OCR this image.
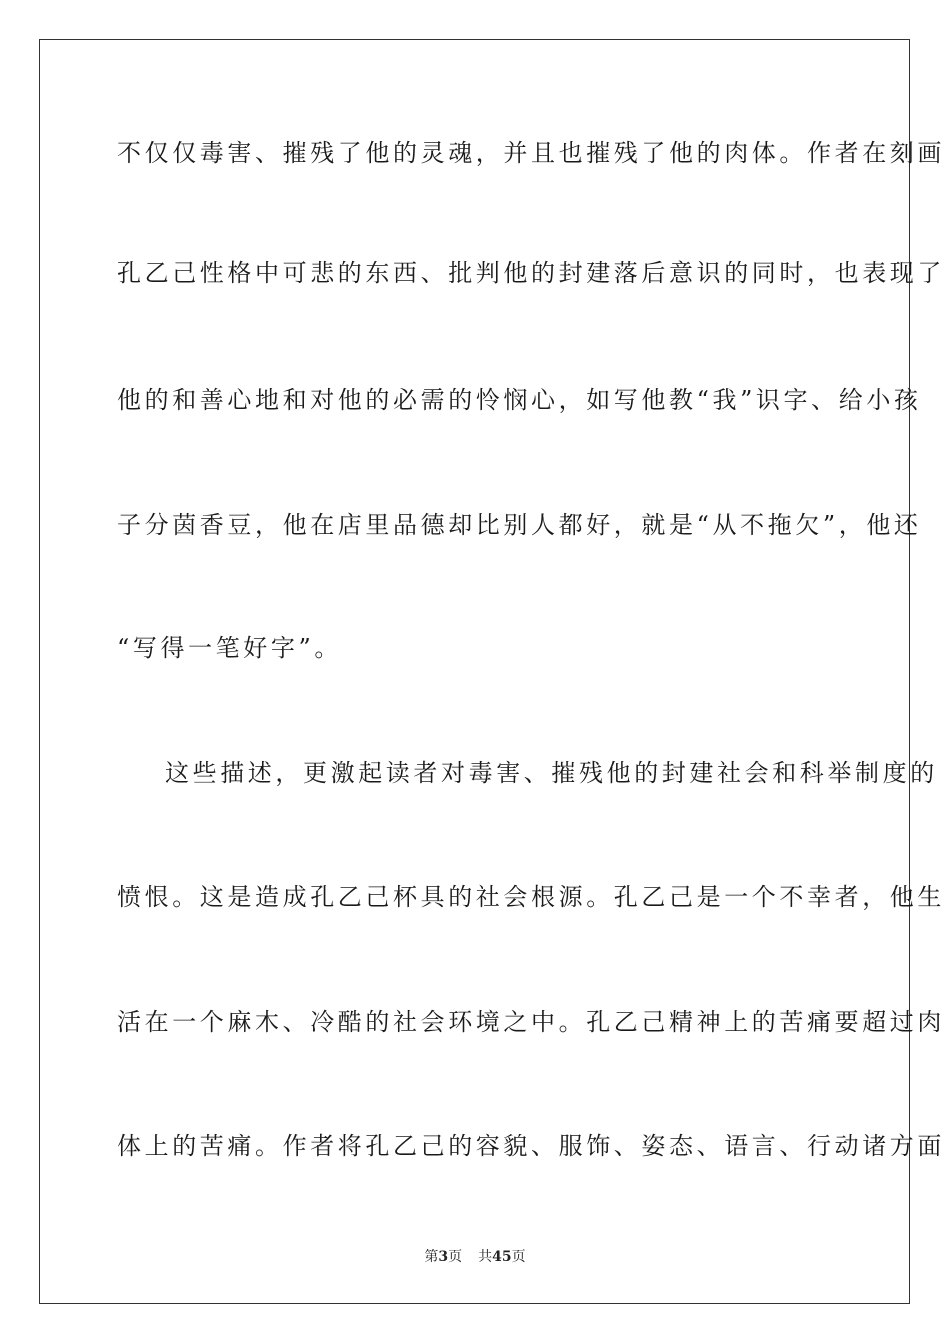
不仅仅毒害、摧残了他的灵魂，并且也摧残了他的肉体。作者在刻画
孔乙己性格中可悲的东西、批判他的封建落后意识的同时，也表现了
他的和善心地和对他的必需的怜悯心，如写他教“我”识字、给小孩
子分茵香豆，他在店里品德却比别人都好，就是“从不拖欠”，他还
“写得一笔好字”。
这些描述，更激起读者对毒害、摧残他的封建社会和科举制度的
愤恨。这是造成孔乙己杯具的社会根源。孔乙己是一个不幸者，他生
活在一个麻木、冷酷的社会环境之中。孔乙己精神上的苦痛要超过肉
体上的苦痛。作者将孔乙己的容貌、服饰、姿态、语言、行动诸方面
第3页 共45页
